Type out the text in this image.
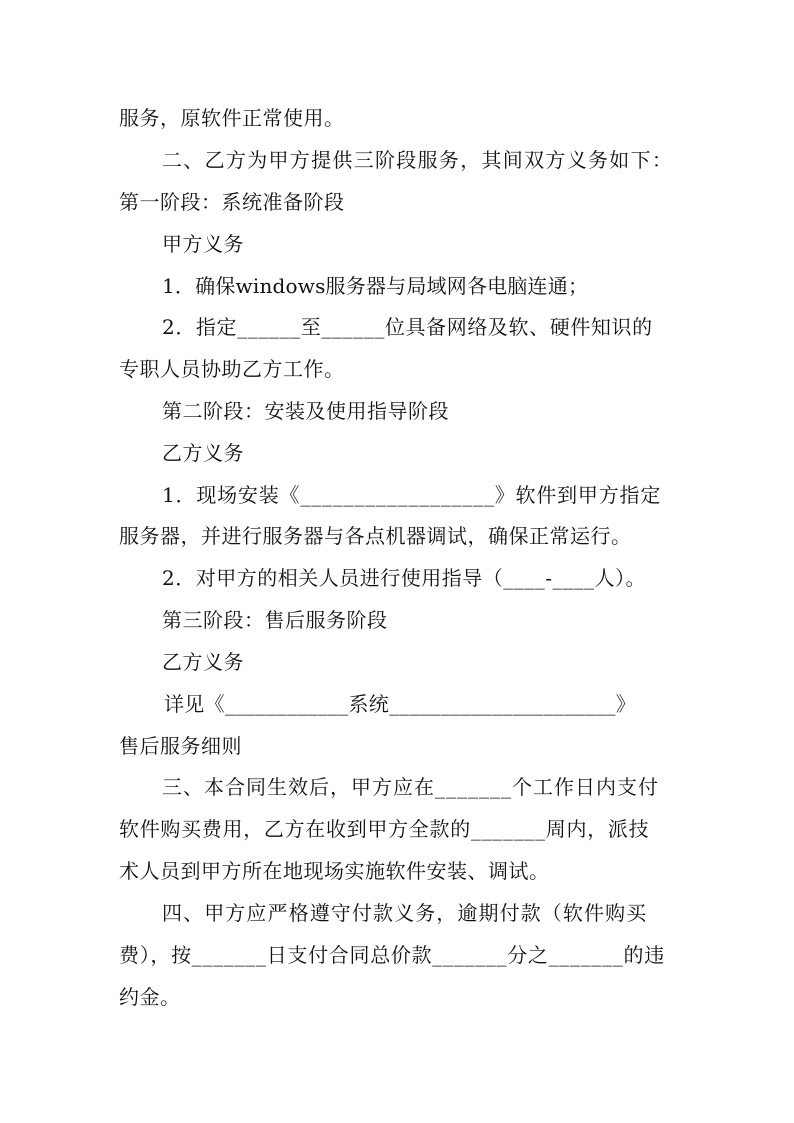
服务，原软件正常使用。
二、乙方为甲方提供三阶段服务，其间双方义务如下：
第一阶段：系统准备阶段
甲方义务
1．确保windows服务器与局域网各电脑连通；
2．指定______至______位具备网络及软、硬件知识的
专职人员协助乙方工作。
第二阶段：安装及使用指导阶段
乙方义务
1．现场安装《__________________》软件到甲方指定
服务器，并进行服务器与各点机器调试，确保正常运行。
2．对甲方的相关人员进行使用指导（____-____人）。
第三阶段：售后服务阶段
乙方义务
详见《____________系统______________________》
售后服务细则
三、本合同生效后，甲方应在_______个工作日内支付
软件购买费用，乙方在收到甲方全款的_______周内，派技
术人员到甲方所在地现场实施软件安装、调试。
四、甲方应严格遵守付款义务，逾期付款（软件购买
费），按_______日支付合同总价款_______分之_______的违
约金。
